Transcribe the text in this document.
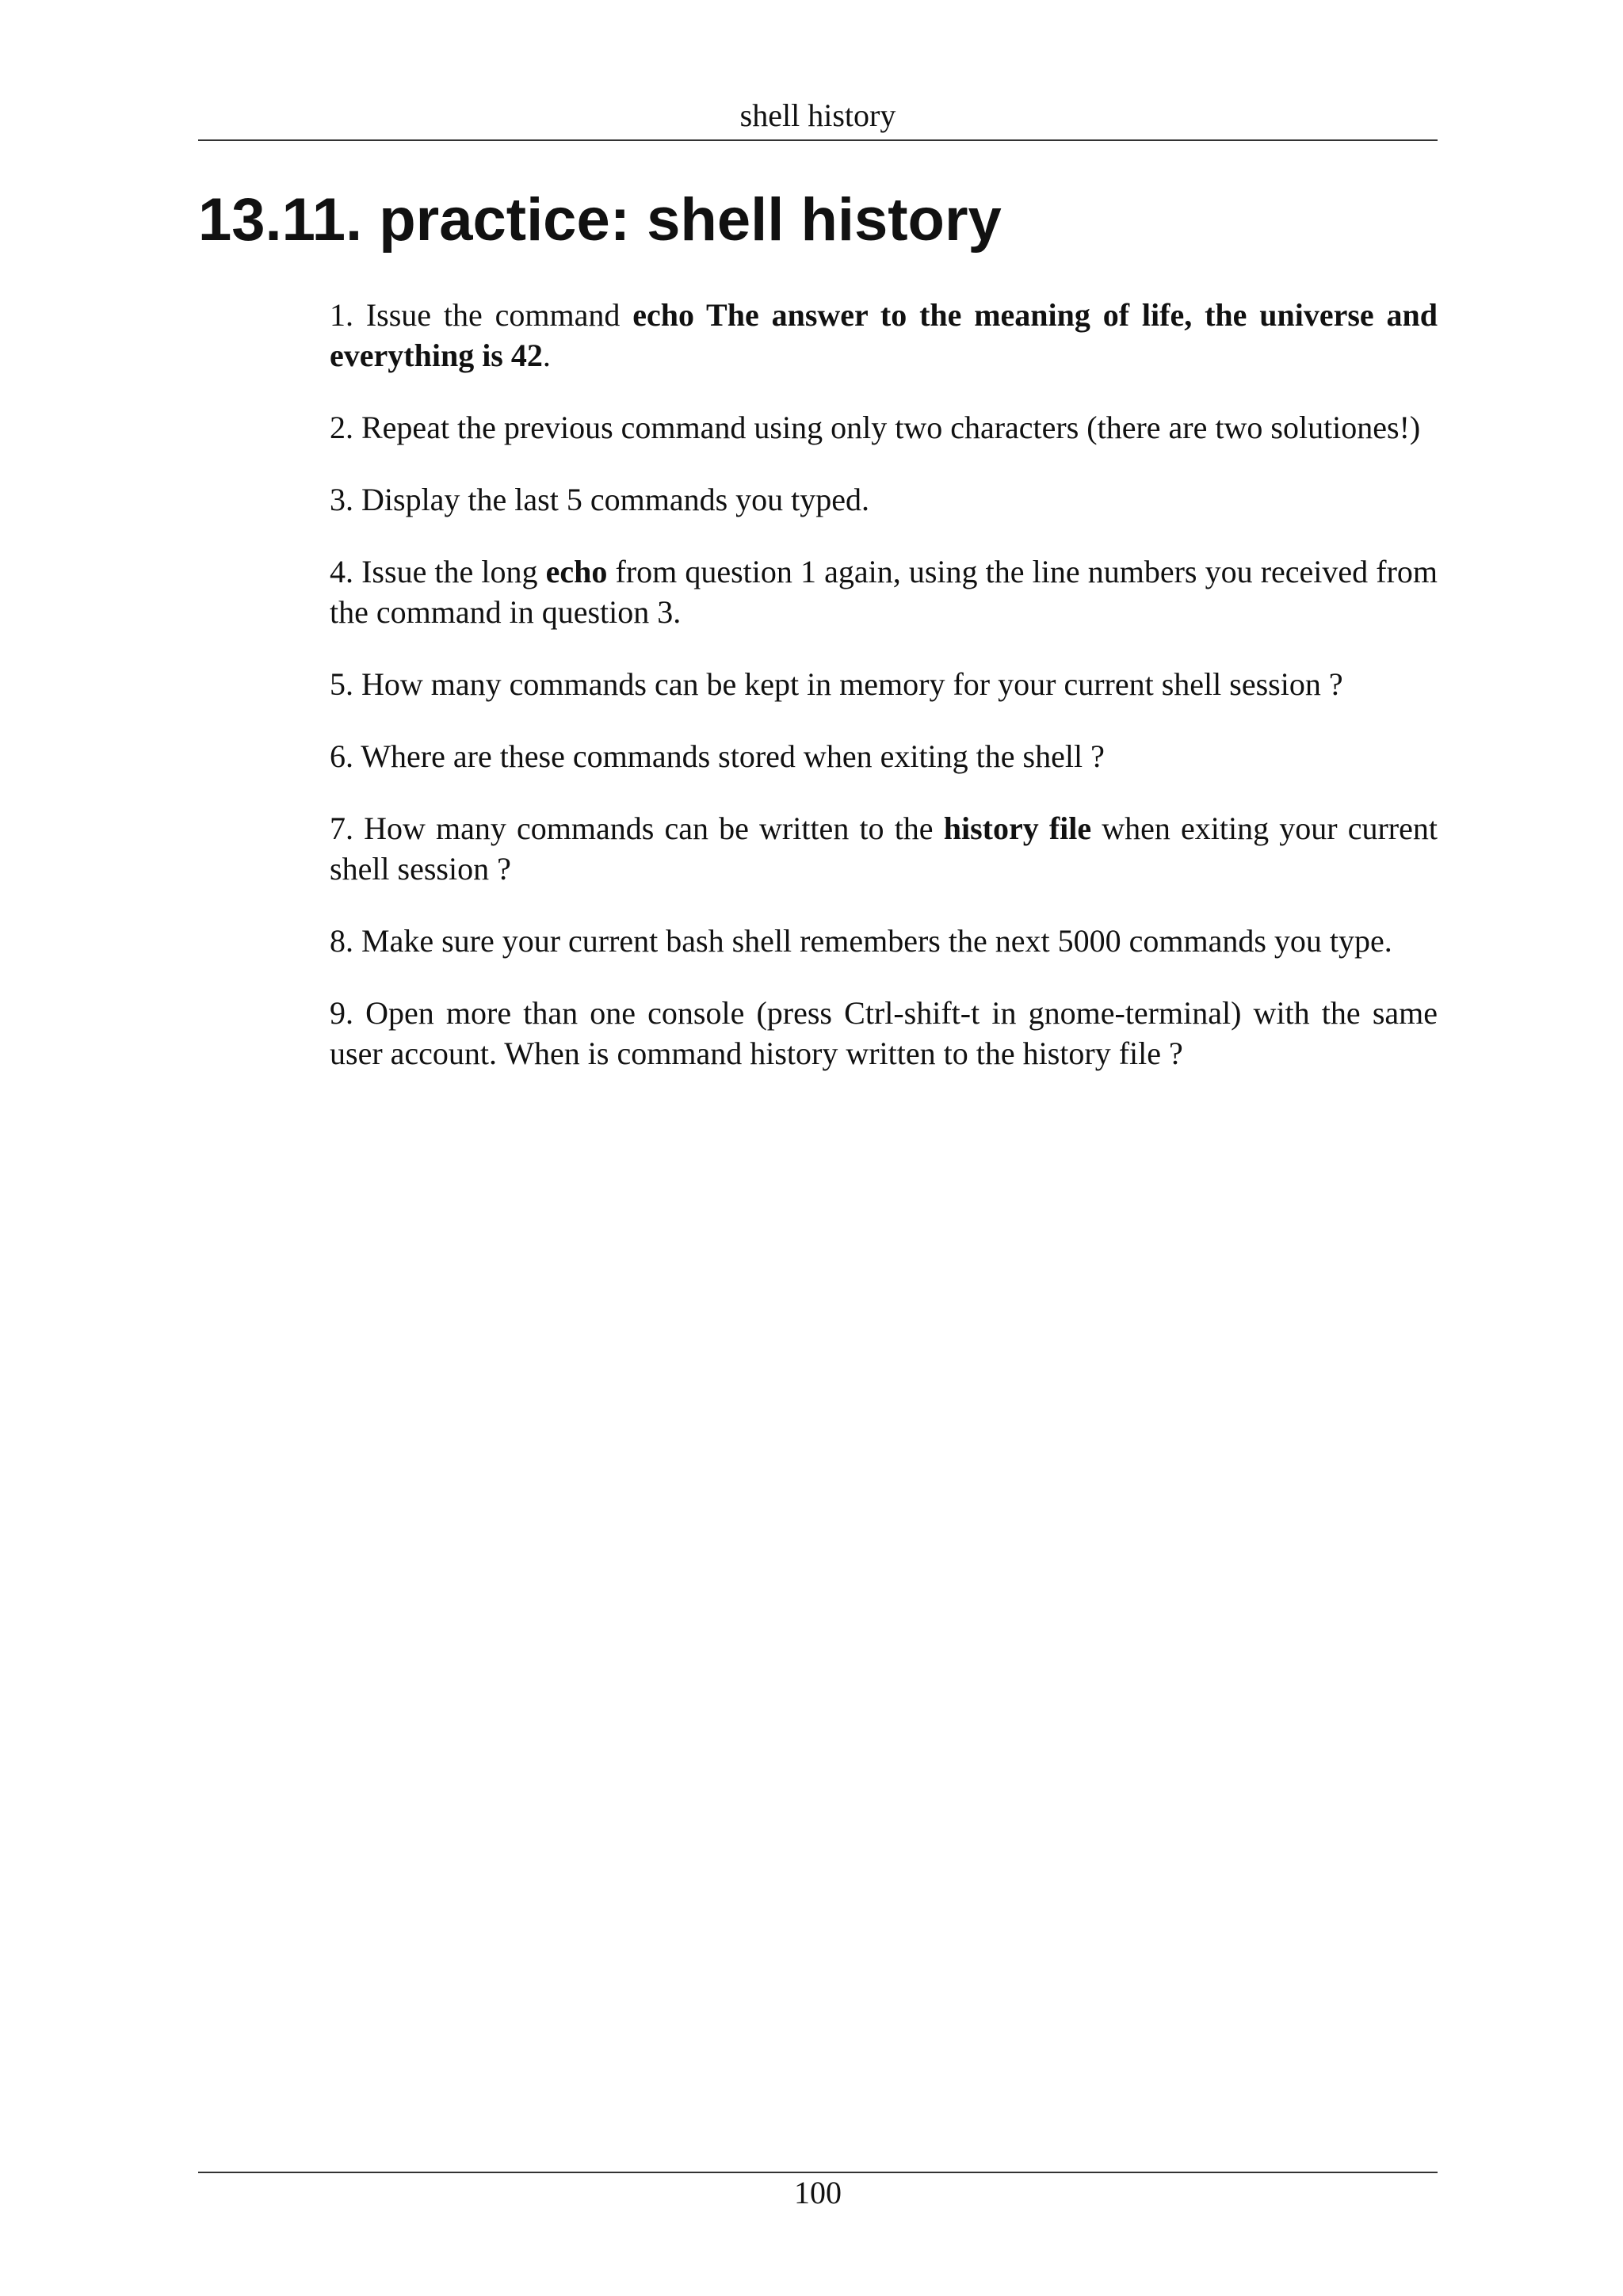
shell history
13.11. practice: shell history
1. Issue the command echo The answer to the meaning of life, the universe and everything is 42.
2. Repeat the previous command using only two characters (there are two solutiones!)
3. Display the last 5 commands you typed.
4. Issue the long echo from question 1 again, using the line numbers you received from the command in question 3.
5. How many commands can be kept in memory for your current shell session ?
6. Where are these commands stored when exiting the shell ?
7. How many commands can be written to the history file when exiting your current shell session ?
8. Make sure your current bash shell remembers the next 5000 commands you type.
9. Open more than one console (press Ctrl-shift-t in gnome-terminal) with the same user account. When is command history written to the history file ?
100
